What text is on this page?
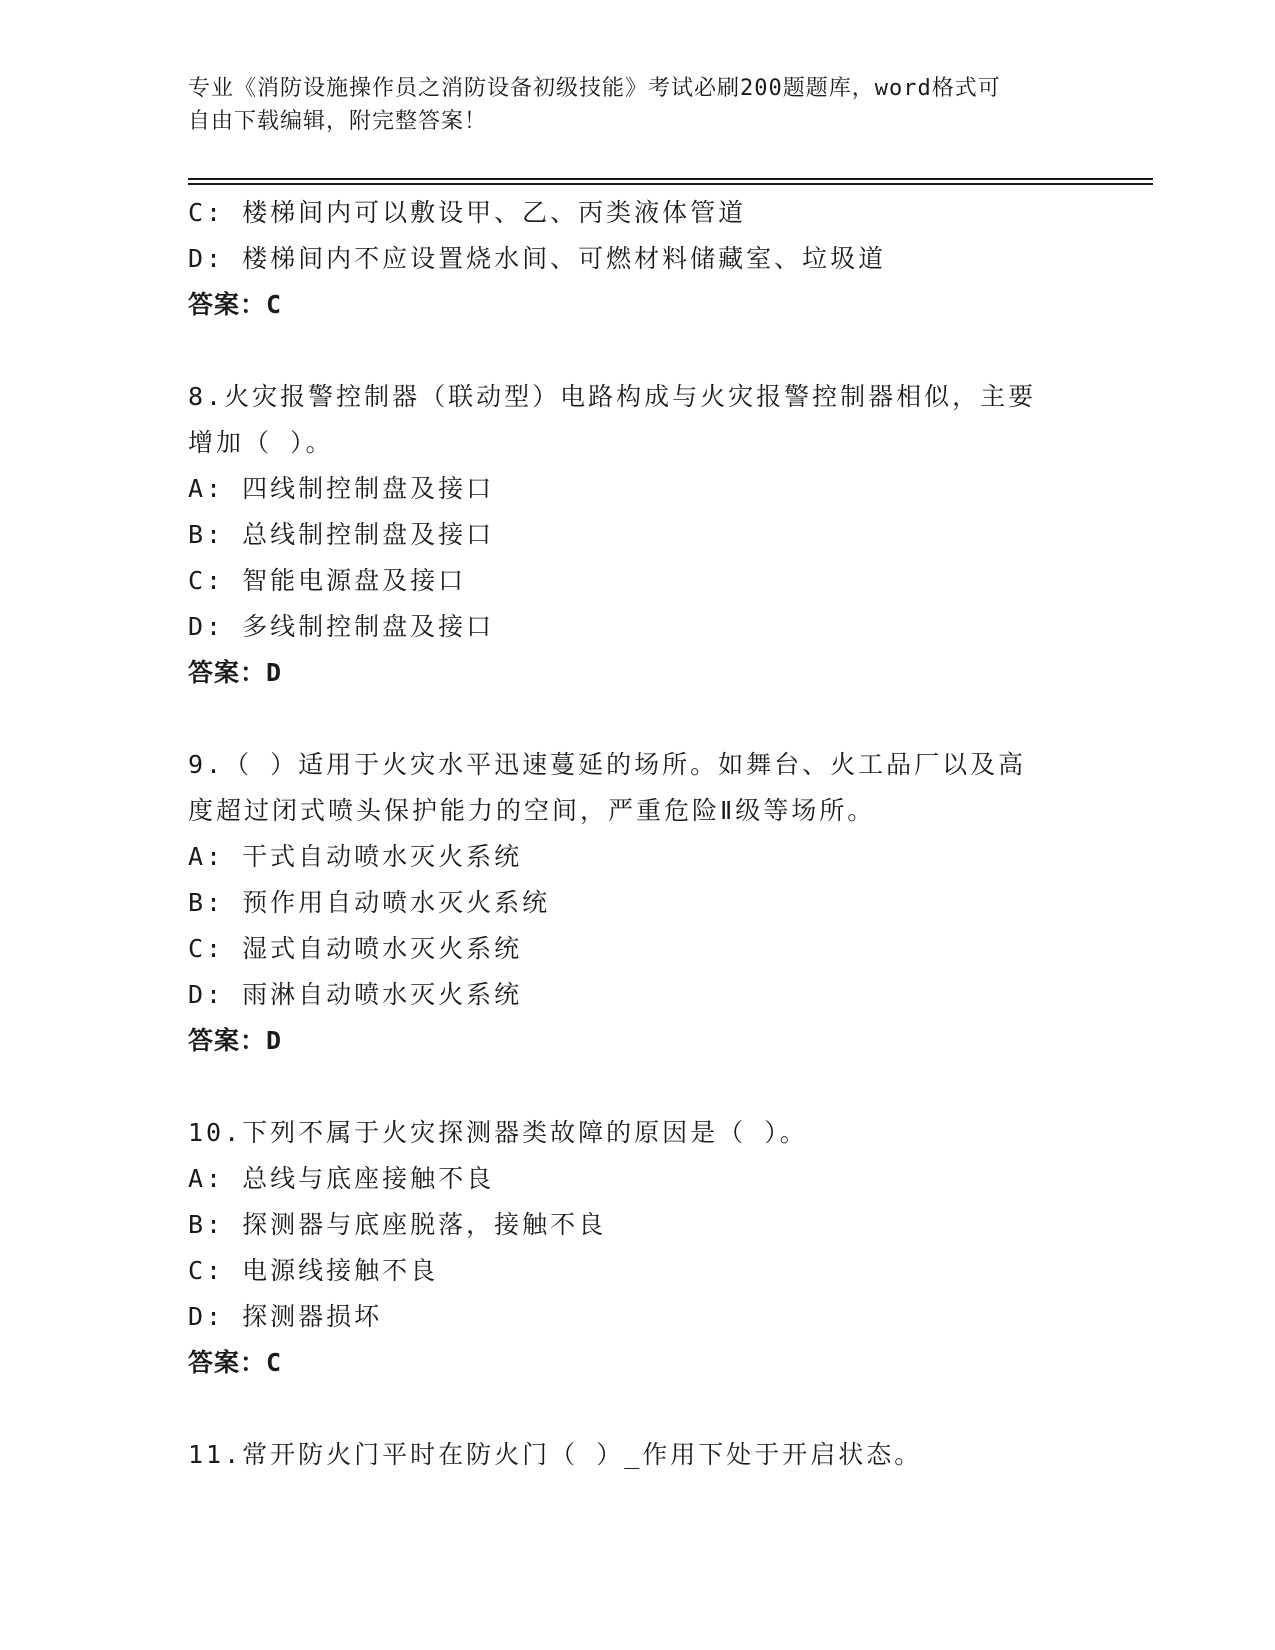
专业《消防设施操作员之消防设备初级技能》考试必刷200题题库，word格式可
自由下载编辑，附完整答案！
C: 楼梯间内可以敷设甲、乙、丙类液体管道
D: 楼梯间内不应设置烧水间、可燃材料储藏室、垃圾道
答案：C
8.火灾报警控制器（联动型）电路构成与火灾报警控制器相似，主要
增加（ ）。
A: 四线制控制盘及接口
B: 总线制控制盘及接口
C: 智能电源盘及接口
D: 多线制控制盘及接口
答案：D
9.（ ）适用于火灾水平迅速蔓延的场所。如舞台、火工品厂以及高
度超过闭式喷头保护能力的空间，严重危险Ⅱ级等场所。
A: 干式自动喷水灭火系统
B: 预作用自动喷水灭火系统
C: 湿式自动喷水灭火系统
D: 雨淋自动喷水灭火系统
答案：D
10.下列不属于火灾探测器类故障的原因是（ ）。
A: 总线与底座接触不良
B: 探测器与底座脱落，接触不良
C: 电源线接触不良
D: 探测器损坏
答案：C
11.常开防火门平时在防火门（ ）_作用下处于开启状态。
